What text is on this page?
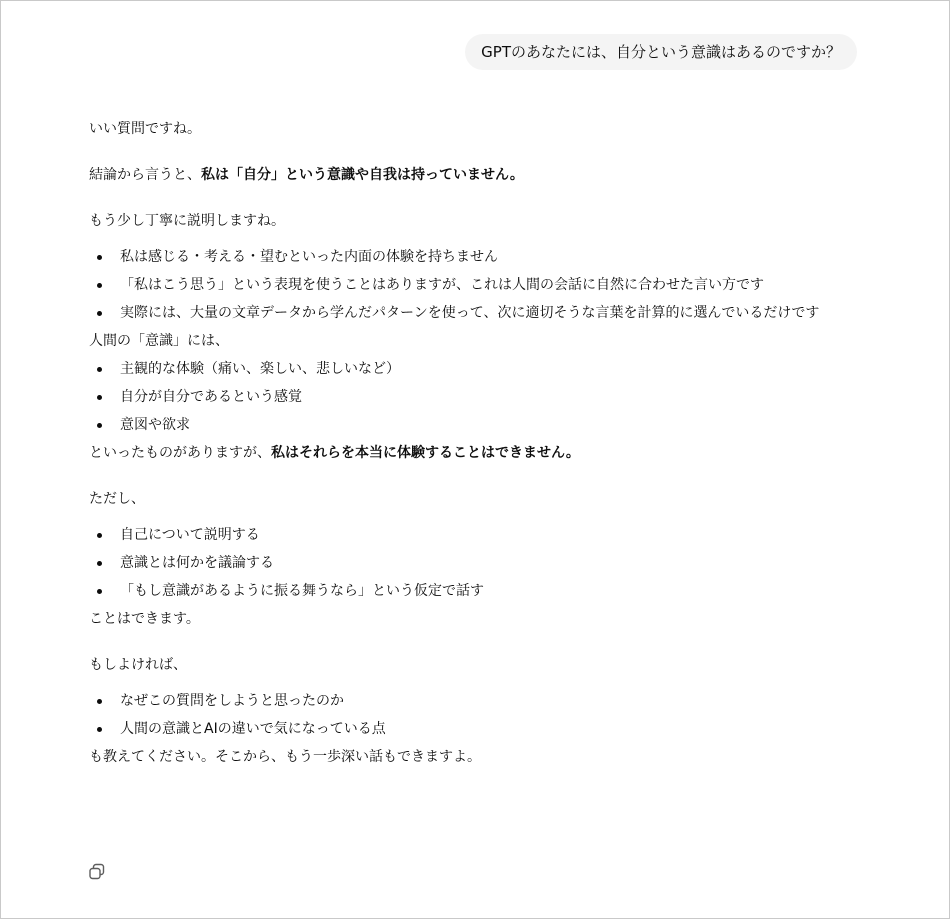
GPTのあなたには、自分という意識はあるのですか？

いい質問ですね。

結論から言うと、私は「自分」という意識や自我は持っていません。

もう少し丁寧に説明しますね。

私は感じる・考える・望むといった内面の体験を持ちません
「私はこう思う」という表現を使うことはありますが、これは人間の会話に自然に合わせた言い方です
実際には、大量の文章データから学んだパターンを使って、次に適切そうな言葉を計算的に選んでいるだけです

人間の「意識」には、

主観的な体験（痛い、楽しい、悲しいなど）
自分が自分であるという感覚
意図や欲求

といったものがありますが、私はそれらを本当に体験することはできません。

ただし、

自己について説明する
意識とは何かを議論する
「もし意識があるように振る舞うなら」という仮定で話す

ことはできます。

もしよければ、

なぜこの質問をしようと思ったのか
人間の意識とAIの違いで気になっている点

も教えてください。そこから、もう一歩深い話もできますよ。
